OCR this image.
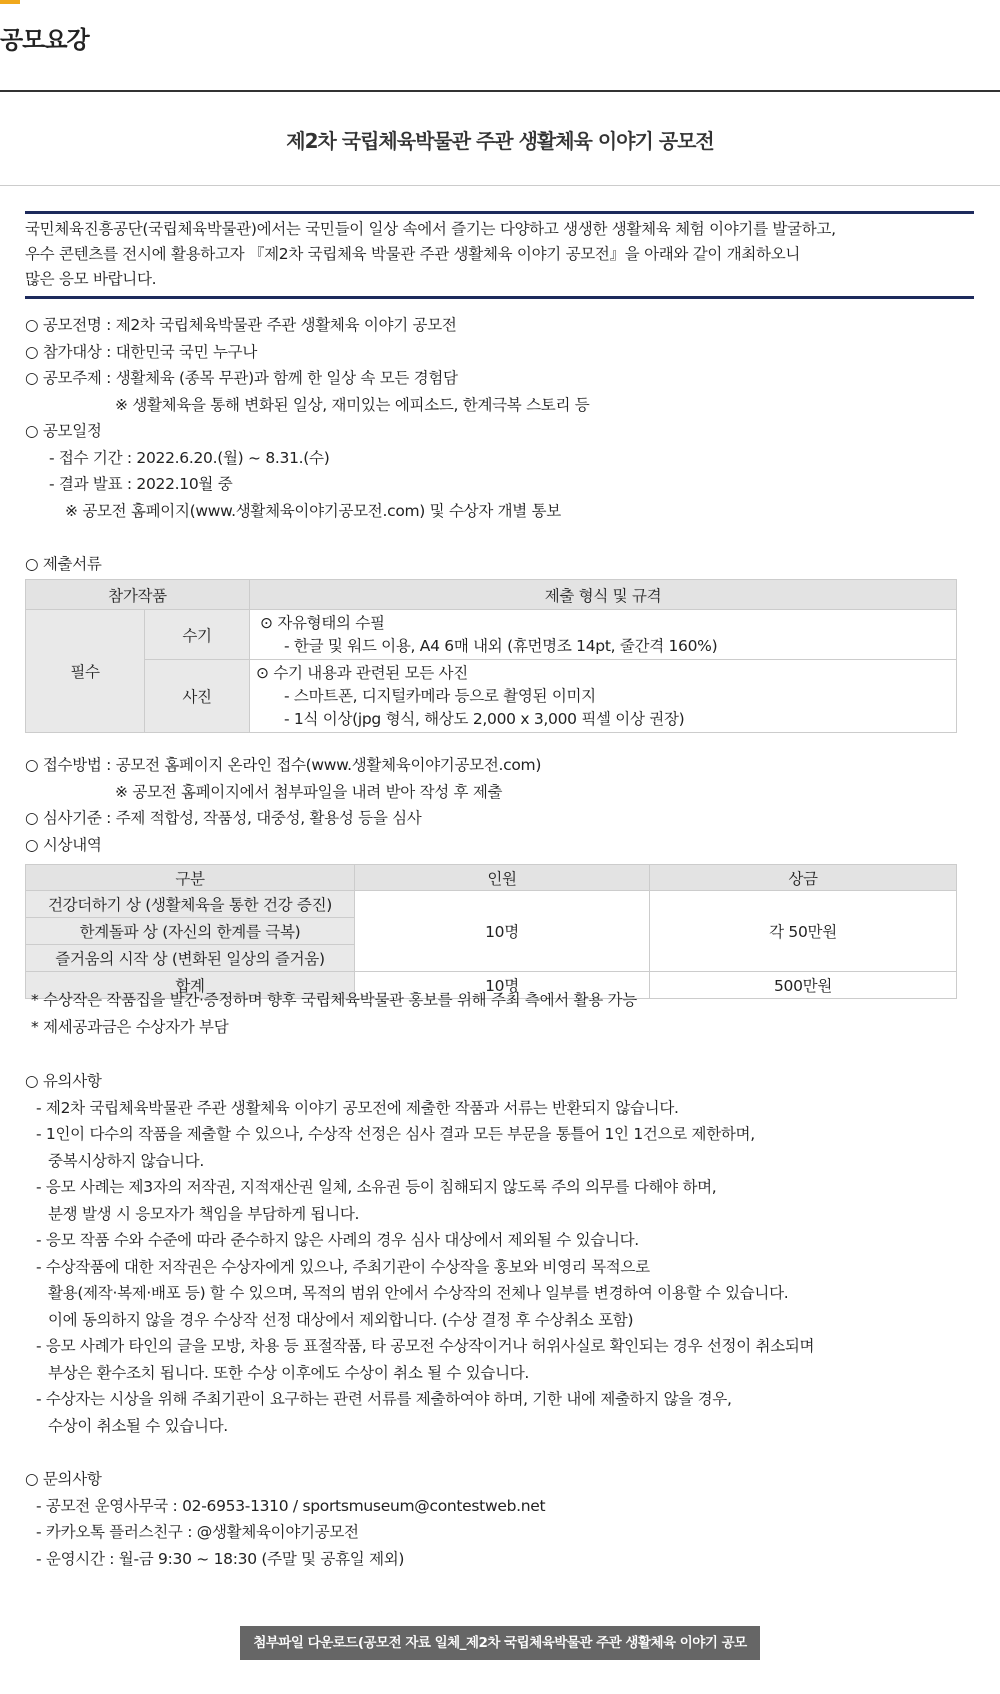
공모요강
제2차 국립체육박물관 주관 생활체육 이야기 공모전
국민체육진흥공단(국립체육박물관)에서는 국민들이 일상 속에서 즐기는 다양하고 생생한 생활체육 체험 이야기를 발굴하고,
우수 콘텐츠를 전시에 활용하고자 『제2차 국립체육 박물관 주관 생활체육 이야기 공모전』을 아래와 같이 개최하오니
많은 응모 바랍니다.
○ 공모전명 : 제2차 국립체육박물관 주관 생활체육 이야기 공모전
○ 참가대상 : 대한민국 국민 누구나
○ 공모주제 : 생활체육 (종목 무관)과 함께 한 일상 속 모든 경험담
※ 생활체육을 통해 변화된 일상, 재미있는 에피소드, 한계극복 스토리 등
○ 공모일정
- 접수 기간 : 2022.6.20.(월) ~ 8.31.(수)
- 결과 발표 : 2022.10월 중
※ 공모전 홈페이지(www.생활체육이야기공모전.com) 및 수상자 개별 통보
○ 제출서류
참가작품		제출 형식 및 규격
필수	수기	⊙ 자유형태의 수필
- 한글 및 워드 이용, A4 6매 내외 (휴먼명조 14pt, 줄간격 160%)

	사진	⊙ 수기 내용과 관련된 모든 사진
- 스마트폰, 디지털카메라 등으로 촬영된 이미지
- 1식 이상(jpg 형식, 해상도 2,000 x 3,000 픽셀 이상 권장)
○ 접수방법 : 공모전 홈페이지 온라인 접수(www.생활체육이야기공모전.com)
※ 공모전 홈페이지에서 첨부파일을 내려 받아 작성 후 제출
○ 심사기준 : 주제 적합성, 작품성, 대중성, 활용성 등을 심사
○ 시상내역
구분	인원	상금
건강더하기 상 (생활체육을 통한 건강 증진)	10명	각 50만원
한계돌파 상 (자신의 한계를 극복)		
즐거움의 시작 상 (변화된 일상의 즐거움)		
합계	10명	500만원
* 수상작은 작품집을 발간·증정하며 향후 국립체육박물관 홍보를 위해 주최 측에서 활용 가능
* 제세공과금은 수상자가 부담
○ 유의사항
- 제2차 국립체육박물관 주관 생활체육 이야기 공모전에 제출한 작품과 서류는 반환되지 않습니다.
- 1인이 다수의 작품을 제출할 수 있으나, 수상작 선정은 심사 결과 모든 부문을 통틀어 1인 1건으로 제한하며,
중복시상하지 않습니다.
- 응모 사례는 제3자의 저작권, 지적재산권 일체, 소유권 등이 침해되지 않도록 주의 의무를 다해야 하며,
분쟁 발생 시 응모자가 책임을 부담하게 됩니다.
- 응모 작품 수와 수준에 따라 준수하지 않은 사례의 경우 심사 대상에서 제외될 수 있습니다.
- 수상작품에 대한 저작권은 수상자에게 있으나, 주최기관이 수상작을 홍보와 비영리 목적으로
활용(제작·복제·배포 등) 할 수 있으며, 목적의 범위 안에서 수상작의 전체나 일부를 변경하여 이용할 수 있습니다.
이에 동의하지 않을 경우 수상작 선정 대상에서 제외합니다. (수상 결정 후 수상취소 포함)
- 응모 사례가 타인의 글을 모방, 차용 등 표절작품, 타 공모전 수상작이거나 허위사실로 확인되는 경우 선정이 취소되며
부상은 환수조치 됩니다. 또한 수상 이후에도 수상이 취소 될 수 있습니다.
- 수상자는 시상을 위해 주최기관이 요구하는 관련 서류를 제출하여야 하며, 기한 내에 제출하지 않을 경우,
수상이 취소될 수 있습니다.
○ 문의사항
- 공모전 운영사무국 : 02-6953-1310 / sportsmuseum@contestweb.net
- 카카오톡 플러스친구 : @생활체육이야기공모전
- 운영시간 : 월-금 9:30 ~ 18:30 (주말 및 공휴일 제외)
첨부파일 다운로드(공모전 자료 일체_제2차 국립체육박물관 주관 생활체육 이야기 공모전.zip)
